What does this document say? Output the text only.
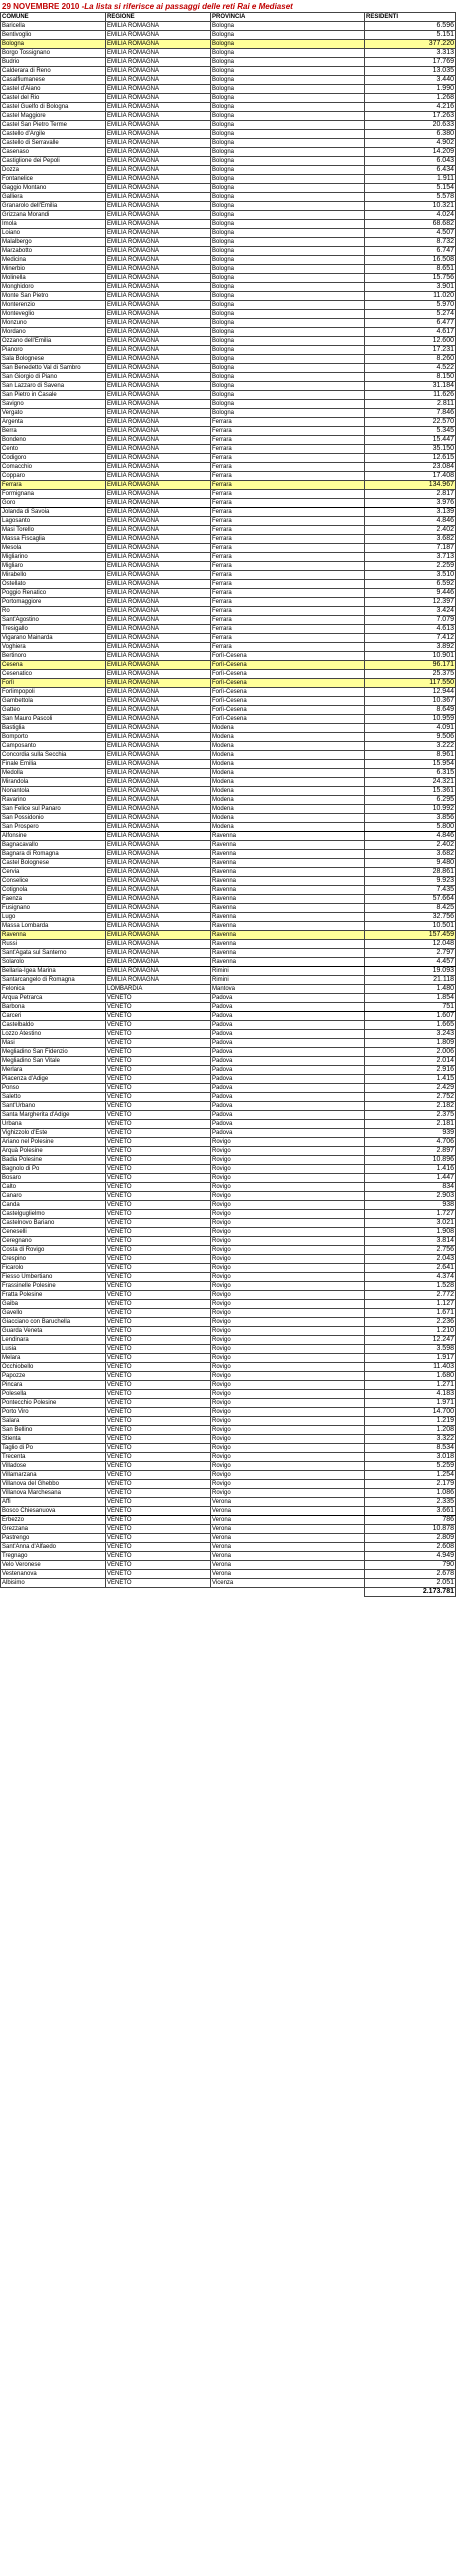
29 NOVEMBRE 2010 -La lista si riferisce ai passaggi delle reti Rai e Mediaset
COMUNE	REGIONE	PROVINCIA	RESIDENTI
Baricella	EMILIA ROMAGNA	Bologna	6.596
Bentivoglio	EMILIA ROMAGNA	Bologna	5.151
Bologna	EMILIA ROMAGNA	Bologna	377.220
Borgo Tossignano	EMILIA ROMAGNA	Bologna	3.313
Budrio	EMILIA ROMAGNA	Bologna	17.769
Calderara di Reno	EMILIA ROMAGNA	Bologna	13.035
Casalfiumanese	EMILIA ROMAGNA	Bologna	3.440
Castel d'Aiano	EMILIA ROMAGNA	Bologna	1.990
Castel del Rio	EMILIA ROMAGNA	Bologna	1.268
Castel Guelfo di Bologna	EMILIA ROMAGNA	Bologna	4.216
Castel Maggiore	EMILIA ROMAGNA	Bologna	17.263
Castel San Pietro Terme	EMILIA ROMAGNA	Bologna	20.633
Castello d'Argile	EMILIA ROMAGNA	Bologna	6.380
Castello di Serravalle	EMILIA ROMAGNA	Bologna	4.902
Casenaso	EMILIA ROMAGNA	Bologna	14.209
Castiglione dei Pepoli	EMILIA ROMAGNA	Bologna	6.043
Dozza	EMILIA ROMAGNA	Bologna	6.434
Fontanelice	EMILIA ROMAGNA	Bologna	1.911
Gaggio Montano	EMILIA ROMAGNA	Bologna	5.154
Galliera	EMILIA ROMAGNA	Bologna	5.578
Granarolo dell'Emilia	EMILIA ROMAGNA	Bologna	10.321
Grizzana Morandi	EMILIA ROMAGNA	Bologna	4.024
Imola	EMILIA ROMAGNA	Bologna	68.682
Loiano	EMILIA ROMAGNA	Bologna	4.507
Malalbergo	EMILIA ROMAGNA	Bologna	8.732
Marzabotto	EMILIA ROMAGNA	Bologna	6.747
Medicina	EMILIA ROMAGNA	Bologna	16.508
Minerbio	EMILIA ROMAGNA	Bologna	8.651
Molinella	EMILIA ROMAGNA	Bologna	15.756
Monghidoro	EMILIA ROMAGNA	Bologna	3.901
Monte San Pietro	EMILIA ROMAGNA	Bologna	11.020
Monterenzio	EMILIA ROMAGNA	Bologna	5.970
Monteveglio	EMILIA ROMAGNA	Bologna	5.274
Monzuno	EMILIA ROMAGNA	Bologna	6.477
Mordano	EMILIA ROMAGNA	Bologna	4.617
Ozzano dell'Emilia	EMILIA ROMAGNA	Bologna	12.600
Pianoro	EMILIA ROMAGNA	Bologna	17.231
Sala Bolognese	EMILIA ROMAGNA	Bologna	8.260
San Benedetto Val di Sambro	EMILIA ROMAGNA	Bologna	4.522
San Giorgio di Piano	EMILIA ROMAGNA	Bologna	8.150
San Lazzaro di Savena	EMILIA ROMAGNA	Bologna	31.184
San Pietro in Casale	EMILIA ROMAGNA	Bologna	11.626
Savigno	EMILIA ROMAGNA	Bologna	2.811
Vergato	EMILIA ROMAGNA	Bologna	7.846
Argenta	EMILIA ROMAGNA	Ferrara	22.570
Berra	EMILIA ROMAGNA	Ferrara	5.345
Bondeno	EMILIA ROMAGNA	Ferrara	15.447
Cento	EMILIA ROMAGNA	Ferrara	35.150
Codigoro	EMILIA ROMAGNA	Ferrara	12.615
Comacchio	EMILIA ROMAGNA	Ferrara	23.084
Copparo	EMILIA ROMAGNA	Ferrara	17.408
Ferrara	EMILIA ROMAGNA	Ferrara	134.967
Formignana	EMILIA ROMAGNA	Ferrara	2.817
Goro	EMILIA ROMAGNA	Ferrara	3.976
Jolanda di Savoia	EMILIA ROMAGNA	Ferrara	3.139
Lagosanto	EMILIA ROMAGNA	Ferrara	4.846
Masi Torello	EMILIA ROMAGNA	Ferrara	2.402
Massa Fiscaglia	EMILIA ROMAGNA	Ferrara	3.682
Mesola	EMILIA ROMAGNA	Ferrara	7.187
Migliarino	EMILIA ROMAGNA	Ferrara	3.713
Migliaro	EMILIA ROMAGNA	Ferrara	2.259
Mirabello	EMILIA ROMAGNA	Ferrara	3.510
Ostellato	EMILIA ROMAGNA	Ferrara	6.592
Poggio Renatico	EMILIA ROMAGNA	Ferrara	9.446
Portomaggiore	EMILIA ROMAGNA	Ferrara	12.397
Ro	EMILIA ROMAGNA	Ferrara	3.424
Sant'Agostino	EMILIA ROMAGNA	Ferrara	7.079
Tresigallo	EMILIA ROMAGNA	Ferrara	4.613
Vigarano Mainarda	EMILIA ROMAGNA	Ferrara	7.412
Voghiera	EMILIA ROMAGNA	Ferrara	3.892
Bertinoro	EMILIA ROMAGNA	Forlì-Cesena	10.901
Cesena	EMILIA ROMAGNA	Forlì-Cesena	96.171
Cesenatico	EMILIA ROMAGNA	Forlì-Cesena	25.375
Forlì	EMILIA ROMAGNA	Forlì-Cesena	117.550
Forlimpopoli	EMILIA ROMAGNA	Forlì-Cesena	12.944
Gambettola	EMILIA ROMAGNA	Forlì-Cesena	10.367
Gatteo	EMILIA ROMAGNA	Forlì-Cesena	8.649
San Mauro Pascoli	EMILIA ROMAGNA	Forlì-Cesena	10.959
Bastiglia	EMILIA ROMAGNA	Modena	4.091
Bomporto	EMILIA ROMAGNA	Modena	9.506
Camposanto	EMILIA ROMAGNA	Modena	3.222
Concordia sulla Secchia	EMILIA ROMAGNA	Modena	8.961
Finale Emilia	EMILIA ROMAGNA	Modena	15.954
Medolla	EMILIA ROMAGNA	Modena	6.315
Mirandola	EMILIA ROMAGNA	Modena	24.321
Nonantola	EMILIA ROMAGNA	Modena	15.361
Ravarino	EMILIA ROMAGNA	Modena	6.295
San Felice sul Panaro	EMILIA ROMAGNA	Modena	10.992
San Possidonio	EMILIA ROMAGNA	Modena	3.856
San Prospero	EMILIA ROMAGNA	Modena	5.800
Alfonsine	EMILIA ROMAGNA	Ravenna	4.846
Bagnacavallo	EMILIA ROMAGNA	Ravenna	2.402
Bagnara di Romagna	EMILIA ROMAGNA	Ravenna	3.682
Castel Bolognese	EMILIA ROMAGNA	Ravenna	9.480
Cervia	EMILIA ROMAGNA	Ravenna	28.861
Conselice	EMILIA ROMAGNA	Ravenna	9.923
Cotignola	EMILIA ROMAGNA	Ravenna	7.435
Faenza	EMILIA ROMAGNA	Ravenna	57.664
Fusignano	EMILIA ROMAGNA	Ravenna	8.425
Lugo	EMILIA ROMAGNA	Ravenna	32.756
Massa Lombarda	EMILIA ROMAGNA	Ravenna	10.501
Ravenna	EMILIA ROMAGNA	Ravenna	157.459
Russi	EMILIA ROMAGNA	Ravenna	12.048
Sant'Agata sul Santerno	EMILIA ROMAGNA	Ravenna	2.797
Solarolo	EMILIA ROMAGNA	Ravenna	4.457
Bellaria-Igea Marina	EMILIA ROMAGNA	Rimini	19.093
Santarcangelo di Romagna	EMILIA ROMAGNA	Rimini	21.118
Felonica	LOMBARDIA	Mantova	1.480
Arqua Petrarca	VENETO	Padova	1.854
Barbona	VENETO	Padova	751
Carceri	VENETO	Padova	1.607
Castelbaldo	VENETO	Padova	1.665
Lozzo Atestino	VENETO	Padova	3.243
Masi	VENETO	Padova	1.809
Megliadino San Fidenzio	VENETO	Padova	2.006
Megliadino San Vitale	VENETO	Padova	2.014
Merlara	VENETO	Padova	2.916
Piacenza d'Adige	VENETO	Padova	1.415
Ponso	VENETO	Padova	2.429
Saletto	VENETO	Padova	2.752
Sant'Urbano	VENETO	Padova	2.182
Santa Margherita d'Adige	VENETO	Padova	2.375
Urbana	VENETO	Padova	2.181
Vighizzolo d'Este	VENETO	Padova	939
Ariano nel Polesine	VENETO	Rovigo	4.706
Arquà Polesine	VENETO	Rovigo	2.897
Badia Polesine	VENETO	Rovigo	10.896
Bagnolo di Po	VENETO	Rovigo	1.416
Bosaro	VENETO	Rovigo	1.447
Calto	VENETO	Rovigo	834
Canaro	VENETO	Rovigo	2.903
Canda	VENETO	Rovigo	938
Castelguglielmo	VENETO	Rovigo	1.727
Castelnovo Bariano	VENETO	Rovigo	3.021
Ceneselli	VENETO	Rovigo	1.908
Ceregnano	VENETO	Rovigo	3.814
Costa di Rovigo	VENETO	Rovigo	2.756
Crespino	VENETO	Rovigo	2.043
Ficarolo	VENETO	Rovigo	2.641
Fiesso Umbertiano	VENETO	Rovigo	4.374
Frassinelle Polesine	VENETO	Rovigo	1.528
Fratta Polesine	VENETO	Rovigo	2.772
Gaiba	VENETO	Rovigo	1.127
Gavello	VENETO	Rovigo	1.671
Giacciano con Baruchella	VENETO	Rovigo	2.236
Guarda Veneta	VENETO	Rovigo	1.210
Lendinara	VENETO	Rovigo	12.247
Lusia	VENETO	Rovigo	3.598
Melara	VENETO	Rovigo	1.917
Occhiobello	VENETO	Rovigo	11.403
Papozze	VENETO	Rovigo	1.680
Pincara	VENETO	Rovigo	1.271
Polesella	VENETO	Rovigo	4.183
Pontecchio Polesine	VENETO	Rovigo	1.971
Porto Viro	VENETO	Rovigo	14.700
Salara	VENETO	Rovigo	1.219
San Bellino	VENETO	Rovigo	1.208
Stienta	VENETO	Rovigo	3.322
Taglio di Po	VENETO	Rovigo	8.534
Trecenta	VENETO	Rovigo	3.018
Villadose	VENETO	Rovigo	5.259
Villamarzana	VENETO	Rovigo	1.254
Villanova del Ghebbo	VENETO	Rovigo	2.179
Villanova Marchesana	VENETO	Rovigo	1.086
Affi	VENETO	Verona	2.335
Bosco Chiesanuova	VENETO	Verona	3.661
Erbezzo	VENETO	Verona	786
Grezzana	VENETO	Verona	10.878
Pastrengo	VENETO	Verona	2.809
Sant'Anna d'Alfaedo	VENETO	Verona	2.608
Tregnago	VENETO	Verona	4.949
Velo Veronese	VENETO	Verona	790
Vestenanova	VENETO	Verona	2.678
Albisimo	VENETO	Vicenza	2.051
			2.173.781
